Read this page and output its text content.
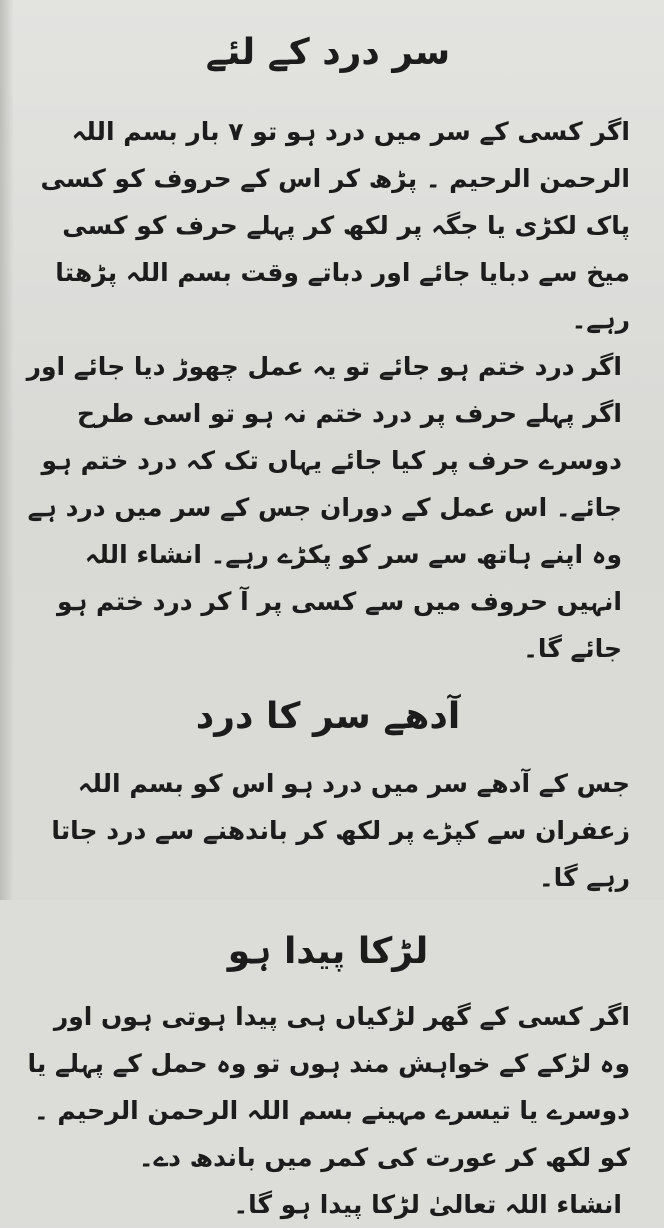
سر درد کے لئے

اگر کسی کے سر میں درد ہو تو ۷ بار بسم اللہ الرحمن الرحیم ۔ پڑھ کر اس کے حروف کو کسی پاک لکڑی یا جگہ پر لکھ کر پہلے حرف کو کسی میخ سے دبایا جائے اور دباتے وقت بسم اللہ پڑھتا رہے۔

اگر درد ختم ہو جائے تو یہ عمل چھوڑ دیا جائے اور اگر پہلے حرف پر درد ختم نہ ہو تو اسی طرح دوسرے حرف پر کیا جائے یہاں تک کہ درد ختم ہو جائے۔ اس عمل کے دوران جس کے سر میں درد ہے وہ اپنے ہاتھ سے سر کو پکڑے رہے۔ انشاء اللہ انہیں حروف میں سے کسی پر آ کر درد ختم ہو جائے گا۔

آدھے سر کا درد

جس کے آدھے سر میں درد ہو اس کو بسم اللہ زعفران سے کپڑے پر لکھ کر باندھنے سے درد جاتا رہے گا۔

لڑکا پیدا ہو

اگر کسی کے گھر لڑکیاں ہی پیدا ہوتی ہوں اور وہ لڑکے کے خواہش مند ہوں تو وہ حمل کے پہلے یا دوسرے یا تیسرے مہینے بسم اللہ الرحمن الرحیم ۔ کو لکھ کر عورت کی کمر میں باندھ دے۔

انشاء اللہ تعالیٰ لڑکا پیدا ہو گا۔
